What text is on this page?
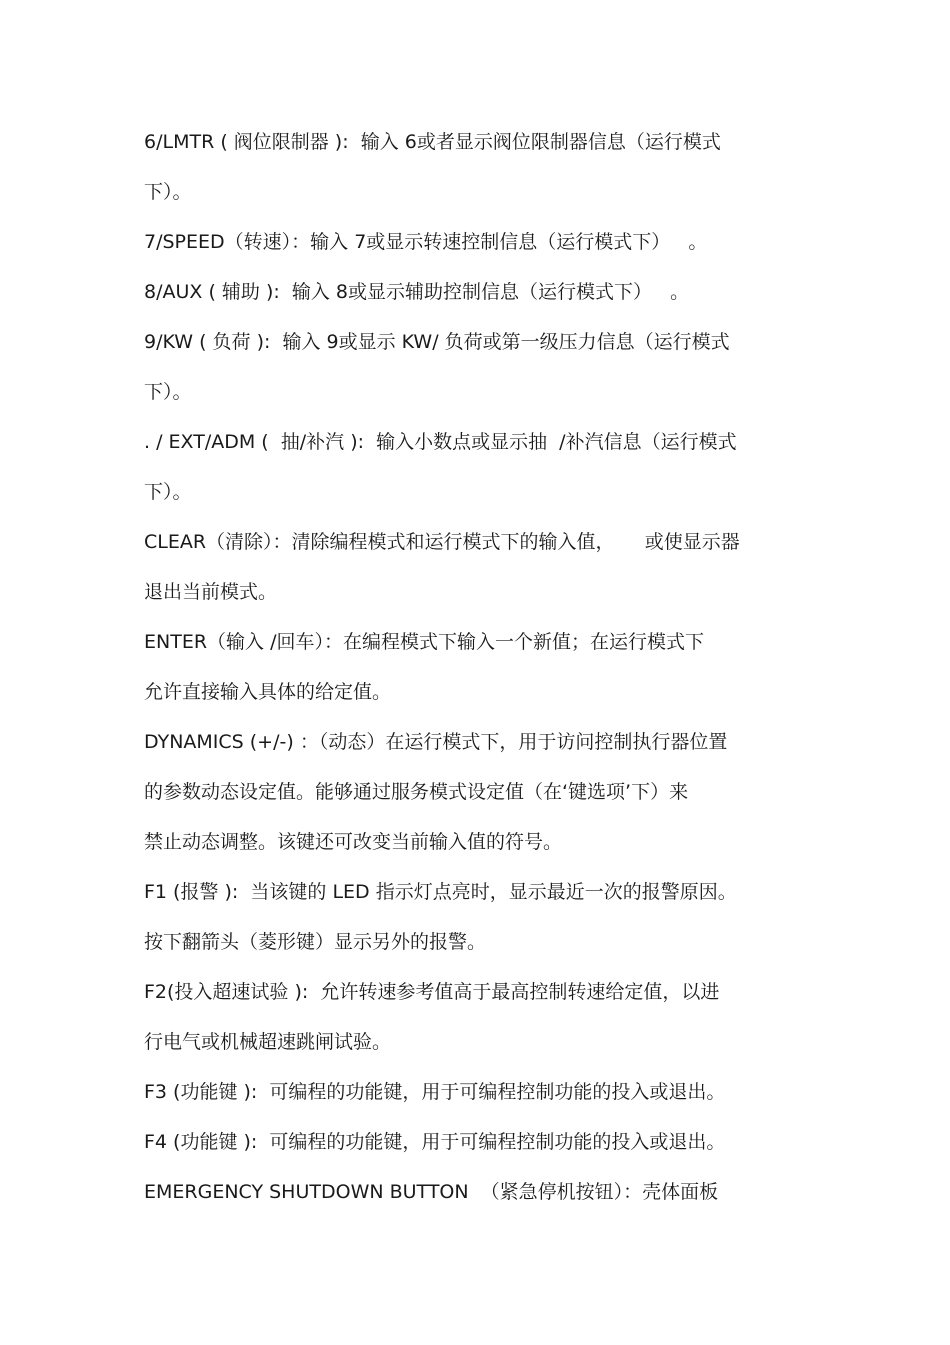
6/LMTR ( 阀位限制器 ):  输入 6或者显示阀位限制器信息（运行模式
下）。
7/SPEED（转速）：输入 7或显示转速控制信息（运行模式下）   。
8/AUX ( 辅助 ):  输入 8或显示辅助控制信息（运行模式下）   。
9/KW ( 负荷 ):  输入 9或显示 KW/ 负荷或第一级压力信息（运行模式
下）。
. / EXT/ADM (  抽/补汽 ):  输入小数点或显示抽  /补汽信息（运行模式
下）。
CLEAR（清除）：清除编程模式和运行模式下的输入值，     或使显示器
退出当前模式。
ENTER（输入 /回车）：在编程模式下输入一个新值；在运行模式下
允许直接输入具体的给定值。
DYNAMICS (+/-) ：（动态）在运行模式下，用于访问控制执行器位置
的参数动态设定值。能够通过服务模式设定值（在‘键选项’下）来
禁止动态调整。该键还可改变当前输入值的符号。
F1 (报警 ):  当该键的 LED 指示灯点亮时，显示最近一次的报警原因。
按下翻箭头（菱形键）显示另外的报警。
F2(投入超速试验 ):  允许转速参考值高于最高控制转速给定值，以进
行电气或机械超速跳闸试验。
F3 (功能键 ):  可编程的功能键，用于可编程控制功能的投入或退出。
F4 (功能键 ):  可编程的功能键，用于可编程控制功能的投入或退出。
EMERGENCY SHUTDOWN BUTTON  （紧急停机按钮）：壳体面板
